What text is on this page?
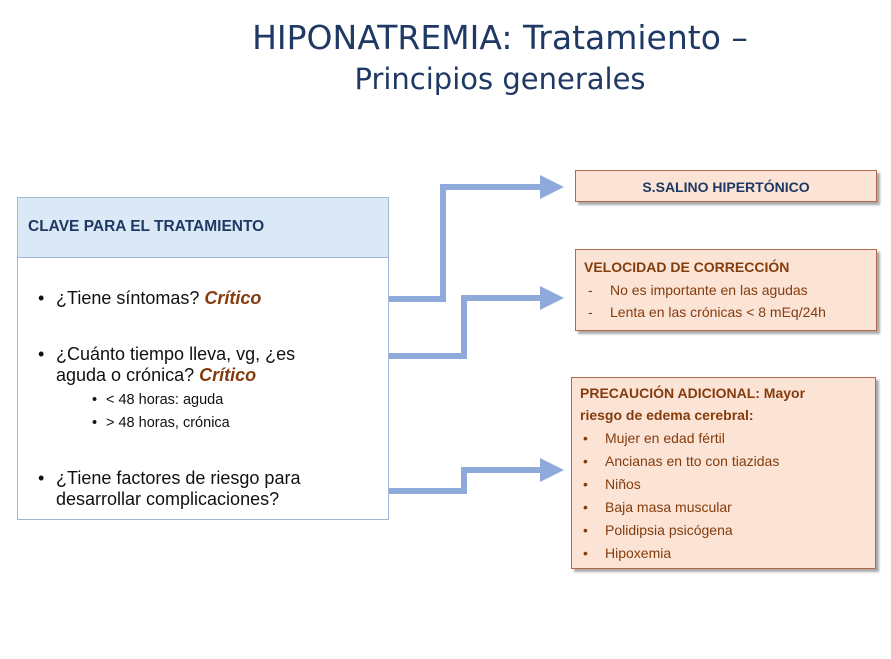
HIPONATREMIA: Tratamiento –
Principios generales
CLAVE PARA EL TRATAMIENTO
• ¿Tiene síntomas? Crítico
• ¿Cuánto tiempo lleva, vg, ¿es
aguda o crónica? Crítico
• < 48 horas: aguda
• > 48 horas, crónica
• ¿Tiene factores de riesgo para
desarrollar complicaciones?
S.SALINO HIPERTÓNICO
VELOCIDAD DE CORRECCIÓN
- No es importante en las agudas
- Lenta en las crónicas < 8 mEq/24h
PRECAUCIÓN ADICIONAL: Mayor
riesgo de edema cerebral:
• Mujer en edad fértil
• Ancianas en tto con tiazidas
• Niños
• Baja masa muscular
• Polidipsia psicógena
• Hipoxemia
